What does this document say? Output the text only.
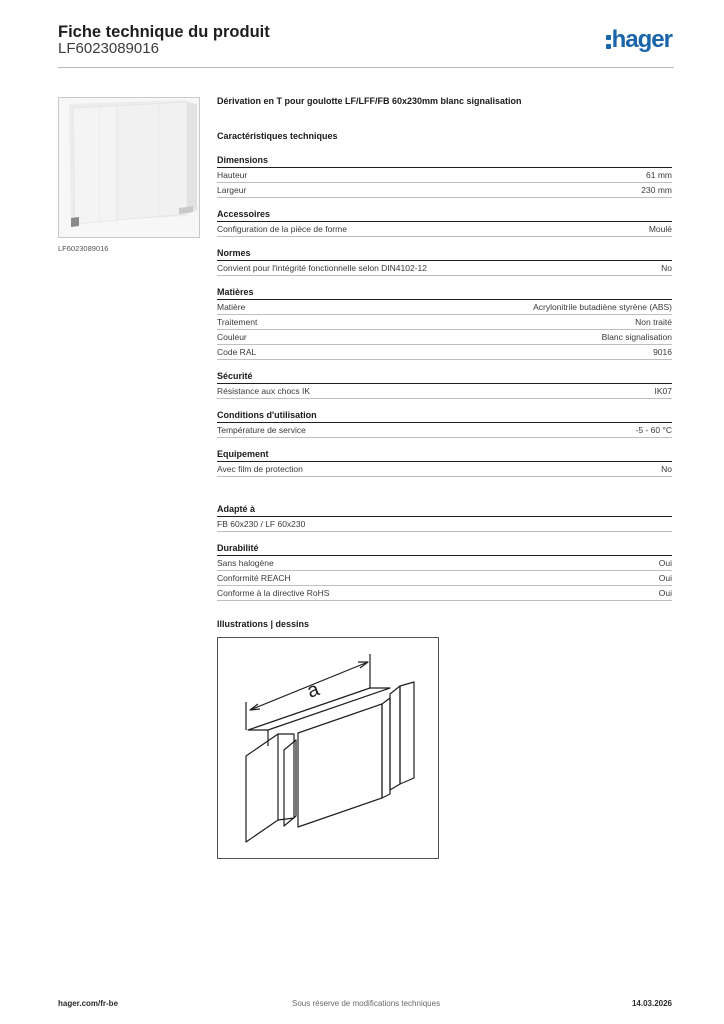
Fiche technique du produit
LF6023089016	hager
LF6023089016
Dérivation en T pour goulotte LF/LFF/FB 60x230mm blanc signalisation
Caractéristiques techniques
Dimensions
Hauteur	61 mm
Largeur	230 mm
Accessoires
Configuration de la pièce de forme	Moulé
Normes
Convient pour l'intégrité fonctionnelle selon DIN4102-12	No
Matières
Matière	Acrylonitrile butadiène styrène (ABS)
Traitement	Non traité
Couleur	Blanc signalisation
Code RAL	9016
Sécurité
Résistance aux chocs IK	IK07
Conditions d'utilisation
Température de service	-5 - 60 °C
Equipement
Avec film de protection	No
Adapté à
FB 60x230 / LF 60x230
Durabilité
Sans halogène	Oui
Conformité REACH	Oui
Conforme à la directive RoHS	Oui
Illustrations | dessins
a
hager.com/fr-be	Sous réserve de modifications techniques	14.03.2026
